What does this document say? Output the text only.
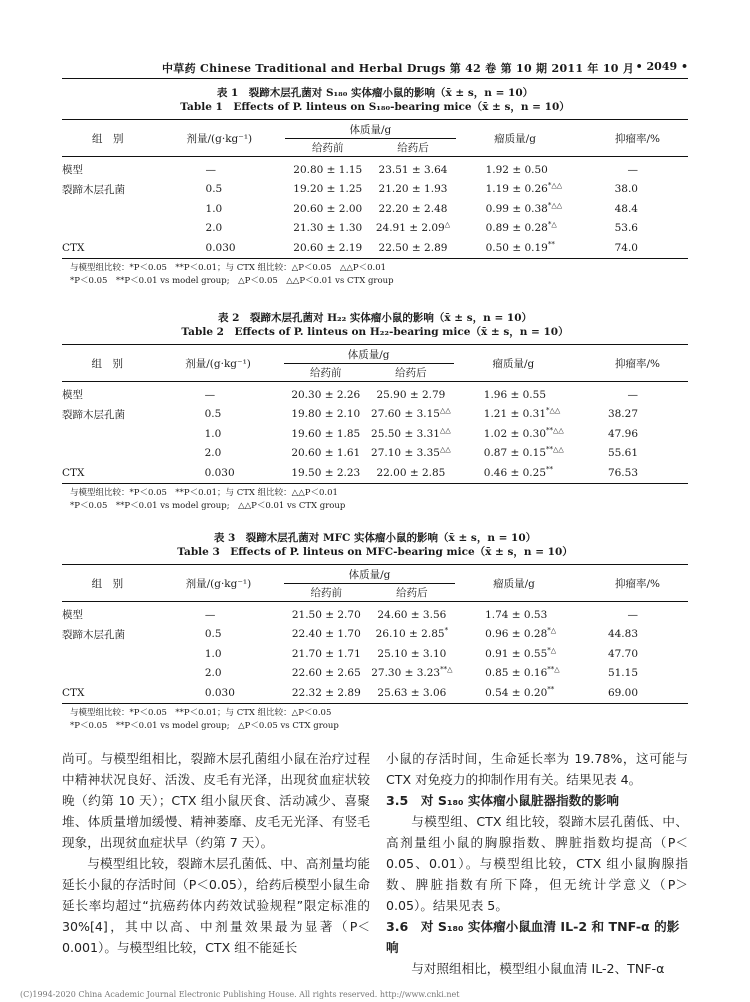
中草药 Chinese Traditional and Herbal Drugs 第 42 卷 第 10 期 2011 年 10 月 • 2049 •
表 1　裂蹄木层孔菌对 S₁₈₀ 实体瘤小鼠的影响（x̄ ± s，n = 10）
Table 1　Effects of P. linteus on S₁₈₀-bearing mice（x̄ ± s，n = 10）
组　别	剂量/(g·kg⁻¹)	体质量/g		瘤质量/g	抑瘤率/%
		给药前	给药后		
模型	—	20.80 ± 1.15	23.51 ± 3.64	1.92 ± 0.50	—
裂蹄木层孔菌	0.5	19.20 ± 1.25	21.20 ± 1.93	1.19 ± 0.26*△△	38.0
	1.0	20.60 ± 2.00	22.20 ± 2.48	0.99 ± 0.38*△△	48.4
	2.0	21.30 ± 1.30	24.91 ± 2.09△	0.89 ± 0.28*△	53.6
CTX	0.030	20.60 ± 2.19	22.50 ± 2.89	0.50 ± 0.19**	74.0
与模型组比较：*P＜0.05　**P＜0.01；与 CTX 组比较：△P＜0.05　△△P＜0.01
*P＜0.05　**P＜0.01 vs model group;　△P＜0.05　△△P＜0.01 vs CTX group
表 2　裂蹄木层孔菌对 H₂₂ 实体瘤小鼠的影响（x̄ ± s，n = 10）
Table 2　Effects of P. linteus on H₂₂-bearing mice（x̄ ± s，n = 10）
组　别	剂量/(g·kg⁻¹)	体质量/g		瘤质量/g	抑瘤率/%
		给药前	给药后		
模型	—	20.30 ± 2.26	25.90 ± 2.79	1.96 ± 0.55	—
裂蹄木层孔菌	0.5	19.80 ± 2.10	27.60 ± 3.15△△	1.21 ± 0.31*△△	38.27
	1.0	19.60 ± 1.85	25.50 ± 3.31△△	1.02 ± 0.30**△△	47.96
	2.0	20.60 ± 1.61	27.10 ± 3.35△△	0.87 ± 0.15**△△	55.61
CTX	0.030	19.50 ± 2.23	22.00 ± 2.85	0.46 ± 0.25**	76.53
与模型组比较：*P＜0.05　**P＜0.01；与 CTX 组比较：△△P＜0.01
*P＜0.05　**P＜0.01 vs model group;　△△P＜0.01 vs CTX group
表 3　裂蹄木层孔菌对 MFC 实体瘤小鼠的影响（x̄ ± s，n = 10）
Table 3　Effects of P. linteus on MFC-bearing mice（x̄ ± s，n = 10）
组　别	剂量/(g·kg⁻¹)	体质量/g		瘤质量/g	抑瘤率/%
		给药前	给药后		
模型	—	21.50 ± 2.70	24.60 ± 3.56	1.74 ± 0.53	—
裂蹄木层孔菌	0.5	22.40 ± 1.70	26.10 ± 2.85*	0.96 ± 0.28*△	44.83
	1.0	21.70 ± 1.71	25.10 ± 3.10	0.91 ± 0.55*△	47.70
	2.0	22.60 ± 2.65	27.30 ± 3.23**△	0.85 ± 0.16**△	51.15
CTX	0.030	22.32 ± 2.89	25.63 ± 3.06	0.54 ± 0.20**	69.00
与模型组比较：*P＜0.05　**P＜0.01；与 CTX 组比较：△P＜0.05
*P＜0.05　**P＜0.01 vs model group;　△P＜0.05 vs CTX group

尚可。与模型组相比，裂蹄木层孔菌组小鼠在治疗过程中精神状况良好、活泼、皮毛有光泽，出现贫血症状较晚（约第 10 天）；CTX 组小鼠厌食、活动减少、喜聚堆、体质量增加缓慢、精神萎靡、皮毛无光泽、有竖毛现象，出现贫血症状早（约第 7 天）。

与模型组比较，裂蹄木层孔菌低、中、高剂量均能延长小鼠的存活时间（P＜0.05），给药后模型小鼠生命延长率均超过“抗癌药体内药效试验规程”限定标准的 30%[4]，其中以高、中剂量效果最为显著（P＜0.001）。与模型组比较，CTX 组不能延长

小鼠的存活时间，生命延长率为 19.78%，这可能与 CTX 对免疫力的抑制作用有关。结果见表 4。

3.5　对 S₁₈₀ 实体瘤小鼠脏器指数的影响

与模型组、CTX 组比较，裂蹄木层孔菌低、中、高剂量组小鼠的胸腺指数、脾脏指数均提高（P＜0.05、0.01）。与模型组比较，CTX 组小鼠胸腺指数、脾脏指数有所下降，但无统计学意义（P＞0.05）。结果见表 5。

3.6　对 S₁₈₀ 实体瘤小鼠血清 IL-2 和 TNF-α 的影响

与对照组相比，模型组小鼠血清 IL-2、TNF-α

(C)1994-2020 China Academic Journal Electronic Publishing House. All rights reserved. http://www.cnki.net
